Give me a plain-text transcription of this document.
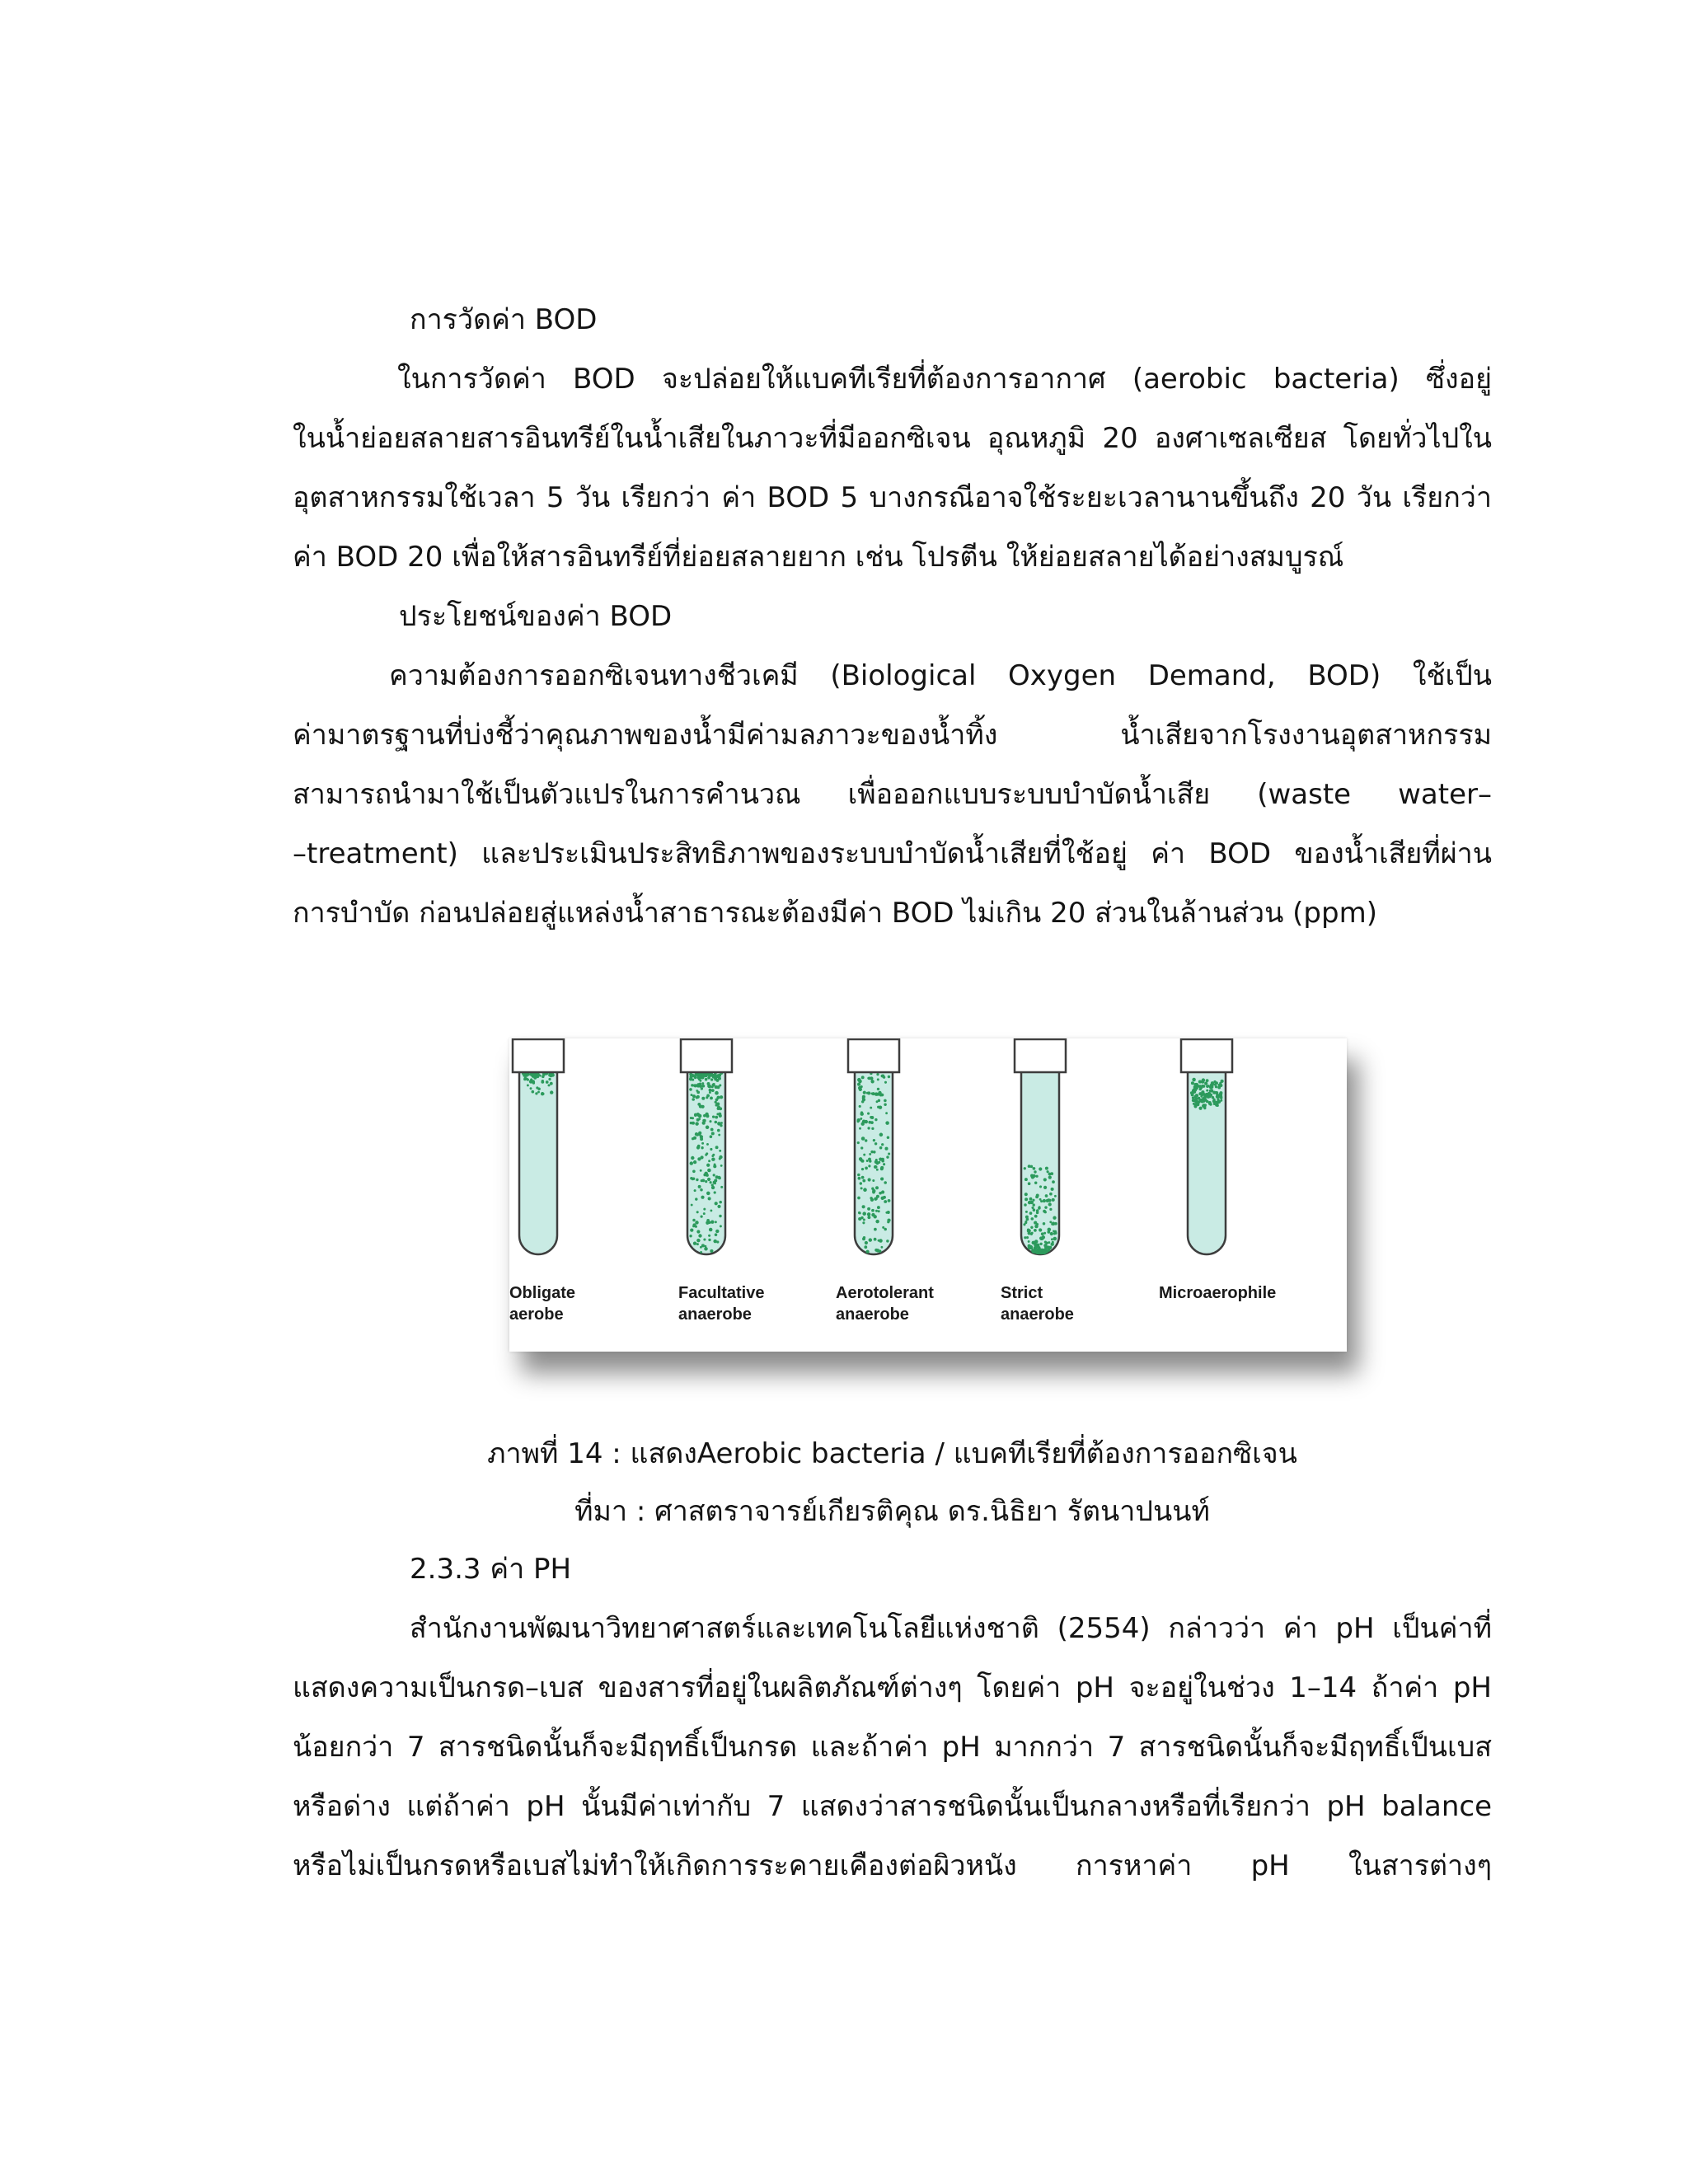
การวัดค่า BOD

ในการวัดค่า BOD จะปล่อยให้แบคทีเรียที่ต้องการอากาศ (aerobic bacteria) ซึ่งอยู่

ในน้ำย่อยสลายสารอินทรีย์ในน้ำเสียในภาวะที่มีออกซิเจน อุณหภูมิ 20 องศาเซลเซียส โดยทั่วไปใน

อุตสาหกรรมใช้เวลา 5 วัน เรียกว่า ค่า BOD 5 บางกรณีอาจใช้ระยะเวลานานขึ้นถึง 20 วัน เรียกว่า

ค่า BOD 20 เพื่อให้สารอินทรีย์ที่ย่อยสลายยาก เช่น โปรตีน ให้ย่อยสลายได้อย่างสมบูรณ์

ประโยชน์ของค่า BOD

ความต้องการออกซิเจนทางชีวเคมี (Biological Oxygen Demand, BOD) ใช้เป็น

ค่ามาตรฐานที่บ่งชี้ว่าคุณภาพของน้ำมีค่ามลภาวะของน้ำทิ้ง น้ำเสียจากโรงงานอุตสาหกรรม

สามารถนำมาใช้เป็นตัวแปรในการคำนวณ เพื่อออกแบบระบบบำบัดน้ำเสีย (waste water–

–treatment) และประเมินประสิทธิภาพของระบบบำบัดน้ำเสียที่ใช้อยู่ ค่า BOD ของน้ำเสียที่ผ่าน

การบำบัด ก่อนปล่อยสู่แหล่งน้ำสาธารณะต้องมีค่า BOD ไม่เกิน 20 ส่วนในล้านส่วน (ppm)

Obligate
aerobe

Facultative
anaerobe

Aerotolerant
anaerobe

Strict
anaerobe

Microaerophile

ภาพที่ 14 : แสดงAerobic bacteria / แบคทีเรียที่ต้องการออกซิเจน

ที่มา : ศาสตราจารย์เกียรติคุณ ดร.นิธิยา รัตนาปนนท์

2.3.3 ค่า PH

สำนักงานพัฒนาวิทยาศาสตร์และเทคโนโลยีแห่งชาติ (2554) กล่าวว่า ค่า pH เป็นค่าที่

แสดงความเป็นกรด–เบส ของสารที่อยู่ในผลิตภัณฑ์ต่างๆ โดยค่า pH จะอยู่ในช่วง 1–14 ถ้าค่า pH

น้อยกว่า 7 สารชนิดนั้นก็จะมีฤทธิ์เป็นกรด และถ้าค่า pH มากกว่า 7 สารชนิดนั้นก็จะมีฤทธิ์เป็นเบส

หรือด่าง แต่ถ้าค่า pH นั้นมีค่าเท่ากับ 7 แสดงว่าสารชนิดนั้นเป็นกลางหรือที่เรียกว่า pH balance

หรือไม่เป็นกรดหรือเบสไม่ทำให้เกิดการระคายเคืองต่อผิวหนัง การหาค่า pH ในสารต่างๆ
